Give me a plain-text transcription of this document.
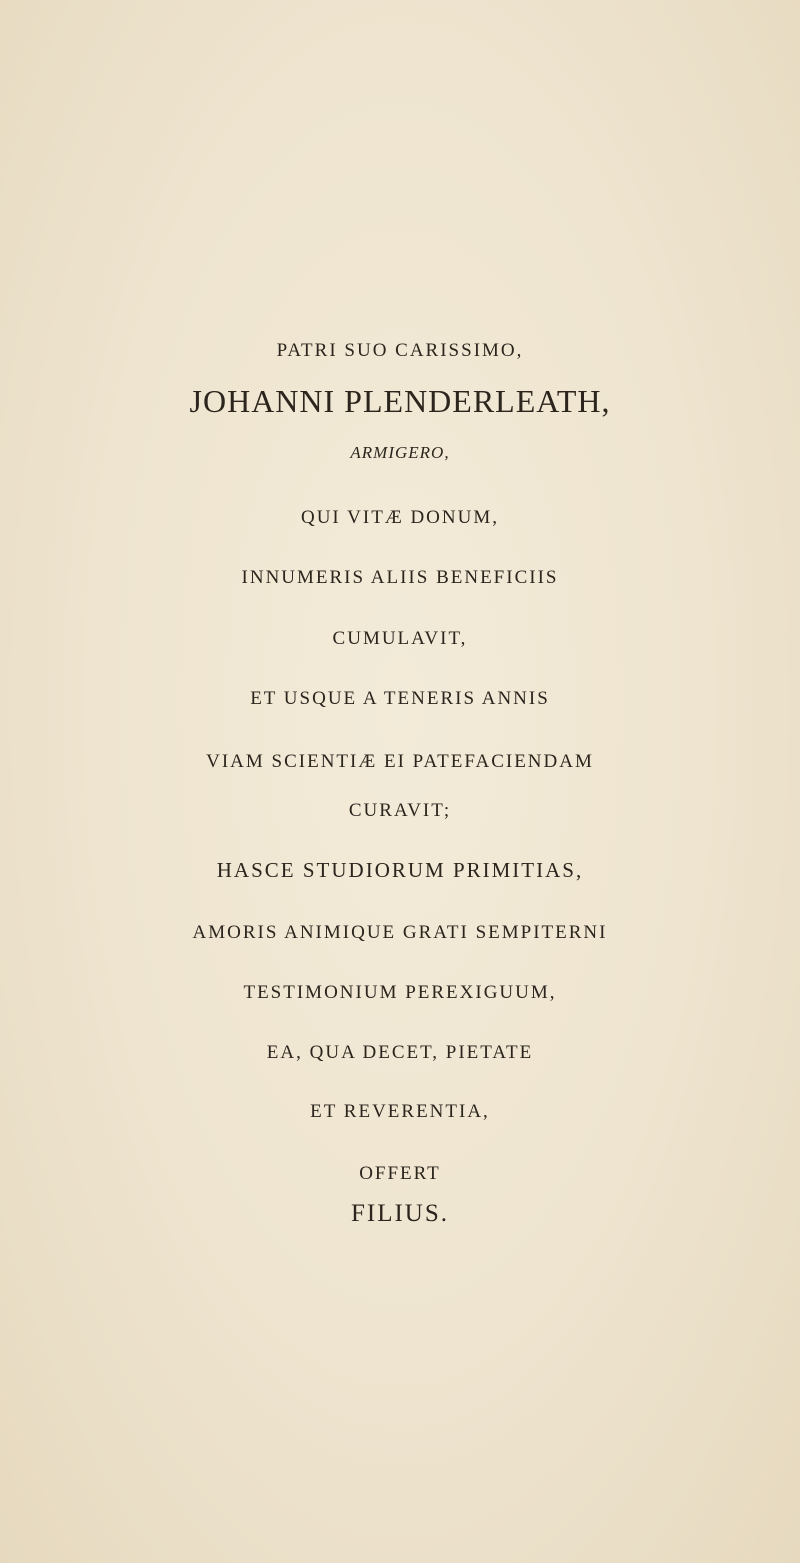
PATRI SUO CARISSIMO,
JOHANNI PLENDERLEATH,
ARMIGERO,
QUI VITÆ DONUM,
INNUMERIS ALIIS BENEFICIIS
CUMULAVIT,
ET USQUE A TENERIS ANNIS
VIAM SCIENTIÆ EI PATEFACIENDAM
CURAVIT;
HASCE STUDIORUM PRIMITIAS,
AMORIS ANIMIQUE GRATI SEMPITERNI
TESTIMONIUM PEREXIGUUM,
EA, QUA DECET, PIETATE
ET REVERENTIA,
OFFERT
FILIUS.
